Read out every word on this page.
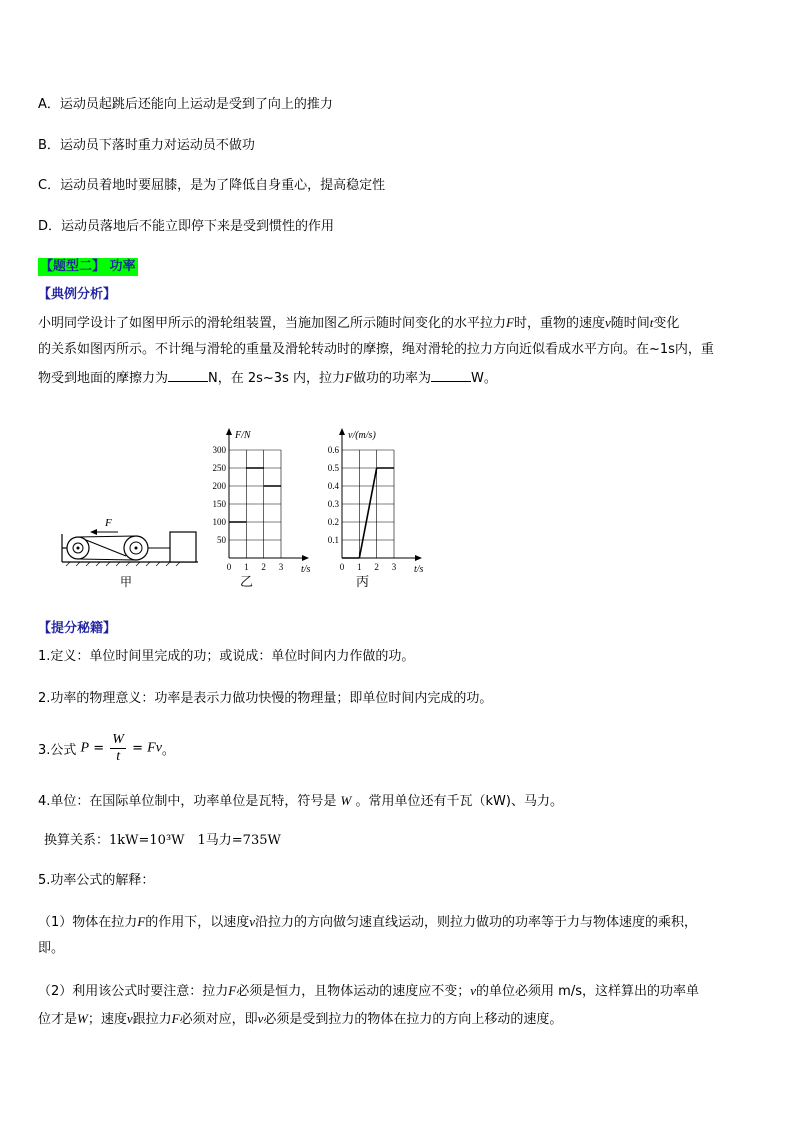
A．运动员起跳后还能向上运动是受到了向上的推力
B．运动员下落时重力对运动员不做功
C．运动员着地时要屈膝，是为了降低自身重心，提高稳定性
D．运动员落地后不能立即停下来是受到惯性的作用
【题型二】 功率
【典例分析】
小明同学设计了如图甲所示的滑轮组装置，当施加图乙所示随时间变化的水平拉力F时，重物的速度v随时间t变化
的关系如图丙所示。不计绳与滑轮的重量及滑轮转动时的摩擦，绳对滑轮的拉力方向近似看成水平方向。在~1s内，重
物受到地面的摩擦力为	N，在 2s~3s 内，拉力F做功的功率为	W。
F
甲
50
100
150
200
250
300
0 1 2 3
F/N
t/s
0.1
0.2
0.3
0.4
0.5
0.6
0 1 2 3
v/(m/s)
t/s
乙	丙
【提分秘籍】
1.定义：单位时间里完成的功；或说成：单位时间内力作做的功。
2.功率的物理意义：功率是表示力做功快慢的物理量；即单位时间内完成的功。
3.公式 $P = \frac{W}{t} = Fv$。
4.单位：在国际单位制中，功率单位是瓦特，符号是 W 。常用单位还有千瓦（kW)、马力。
换算关系：1kW=10³W　1马力=735W
5.功率公式的解释：
（1）物体在拉力F的作用下，以速度v沿拉力的方向做匀速直线运动，则拉力做功的功率等于力与物体速度的乘积，
即。
（2）利用该公式时要注意：拉力F必须是恒力，且物体运动的速度应不变；v的单位必须用 m/s，这样算出的功率单
位才是W；速度v跟拉力F必须对应，即v必须是受到拉力的物体在拉力的方向上移动的速度。
